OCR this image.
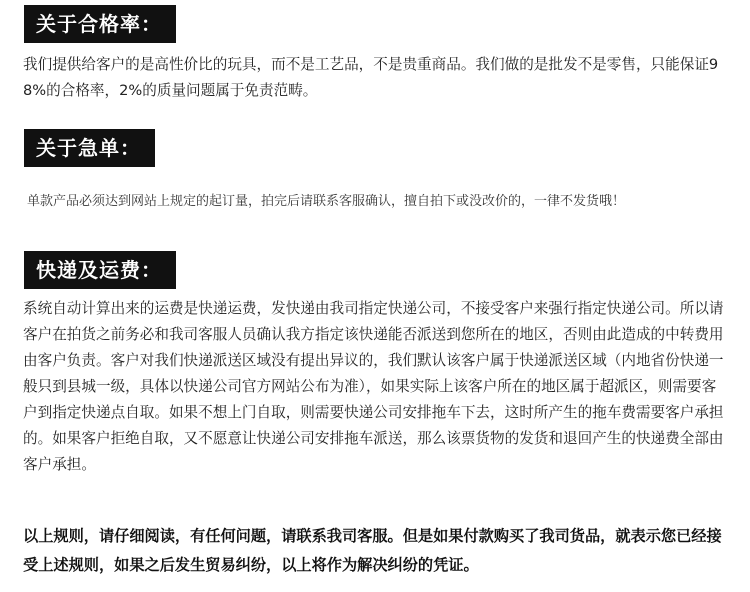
关于合格率：
我们提供给客户的是高性价比的玩具，而不是工艺品，不是贵重商品。我们做的是批发不是零售，只能保证98%的合格率，2%的质量问题属于免责范畴。
关于急单：
单款产品必须达到网站上规定的起订量，拍完后请联系客服确认，擅自拍下或没改价的，一律不发货哦！
快递及运费：
系统自动计算出来的运费是快递运费，发快递由我司指定快递公司，不接受客户来强行指定快递公司。所以请客户在拍货之前务必和我司客服人员确认我方指定该快递能否派送到您所在的地区，否则由此造成的中转费用由客户负责。客户对我们快递派送区域没有提出异议的，我们默认该客户属于快递派送区域（内地省份快递一般只到县城一级，具体以快递公司官方网站公布为准），如果实际上该客户所在的地区属于超派区，则需要客户到指定快递点自取。如果不想上门自取，则需要快递公司安排拖车下去，这时所产生的拖车费需要客户承担的。如果客户拒绝自取，又不愿意让快递公司安排拖车派送，那么该票货物的发货和退回产生的快递费全部由客户承担。
以上规则，请仔细阅读，有任何问题，请联系我司客服。但是如果付款购买了我司货品，就表示您已经接受上述规则，如果之后发生贸易纠纷，以上将作为解决纠纷的凭证。
